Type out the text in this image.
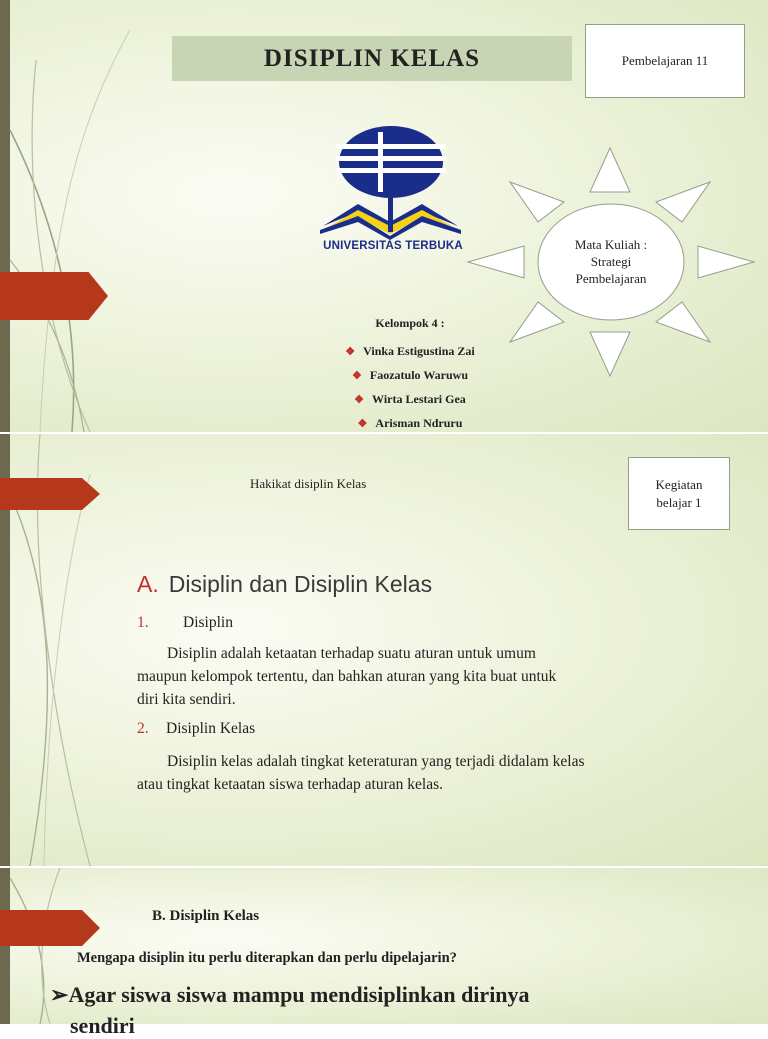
DISIPLIN KELAS	Pembelajaran 11
UNIVERSITAS TERBUKA	Mata Kuliah :
Strategi
Pembelajaran
Kelompok 4 :
❖ Vinka Estigustina Zai
❖ Faozatulo Waruwu
❖ Wirta Lestari Gea
❖ Arisman Ndruru
Hakikat disiplin Kelas	Kegiatan
belajar 1
A. Disiplin dan Disiplin Kelas
1. Disiplin

Disiplin adalah ketaatan terhadap suatu aturan untuk umum

maupun kelompok tertentu, dan bahkan aturan yang kita buat untuk

diri kita sendiri.

2. Disiplin Kelas

Disiplin kelas adalah tingkat keteraturan yang terjadi didalam kelas

atau tingkat ketaatan siswa terhadap aturan kelas.

B. Disiplin Kelas
Mengapa disiplin itu perlu diterapkan dan perlu dipelajarin?
➢Agar siswa siswa mampu mendisiplinkan dirinya
sendiri
